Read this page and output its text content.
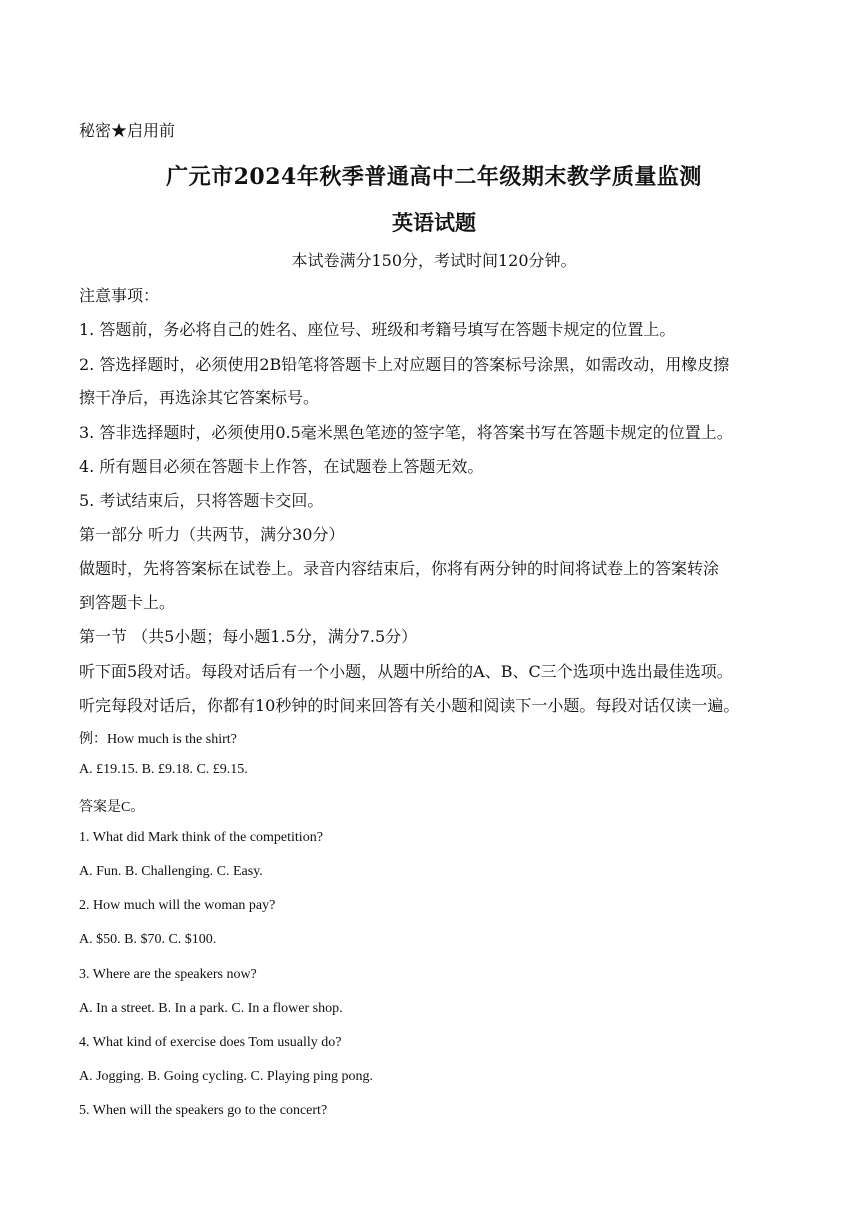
秘密★启用前
广元市2024年秋季普通高中二年级期末教学质量监测
英语试题
本试卷满分150分，考试时间120分钟。
注意事项：
1. 答题前，务必将自己的姓名、座位号、班级和考籍号填写在答题卡规定的位置上。
2. 答选择题时，必须使用2B铅笔将答题卡上对应题目的答案标号涂黑，如需改动，用橡皮擦
擦干净后，再选涂其它答案标号。
3. 答非选择题时，必须使用0.5毫米黑色笔迹的签字笔，将答案书写在答题卡规定的位置上。
4. 所有题目必须在答题卡上作答，在试题卷上答题无效。
5. 考试结束后，只将答题卡交回。
第一部分 听力（共两节，满分30分）
做题时，先将答案标在试卷上。录音内容结束后，你将有两分钟的时间将试卷上的答案转涂
到答题卡上。
第一节 （共5小题；每小题1.5分，满分7.5分）
听下面5段对话。每段对话后有一个小题，从题中所给的A、B、C三个选项中选出最佳选项。
听完每段对话后，你都有10秒钟的时间来回答有关小题和阅读下一小题。每段对话仅读一遍。
例：How much is the shirt?
A. £19.15. B. £9.18. C. £9.15.
答案是C。
1. What did Mark think of the competition?
A. Fun. B. Challenging. C. Easy.
2. How much will the woman pay?
A. $50. B. $70. C. $100.
3. Where are the speakers now?
A. In a street. B. In a park. C. In a flower shop.
4. What kind of exercise does Tom usually do?
A. Jogging. B. Going cycling. C. Playing ping pong.
5. When will the speakers go to the concert?
